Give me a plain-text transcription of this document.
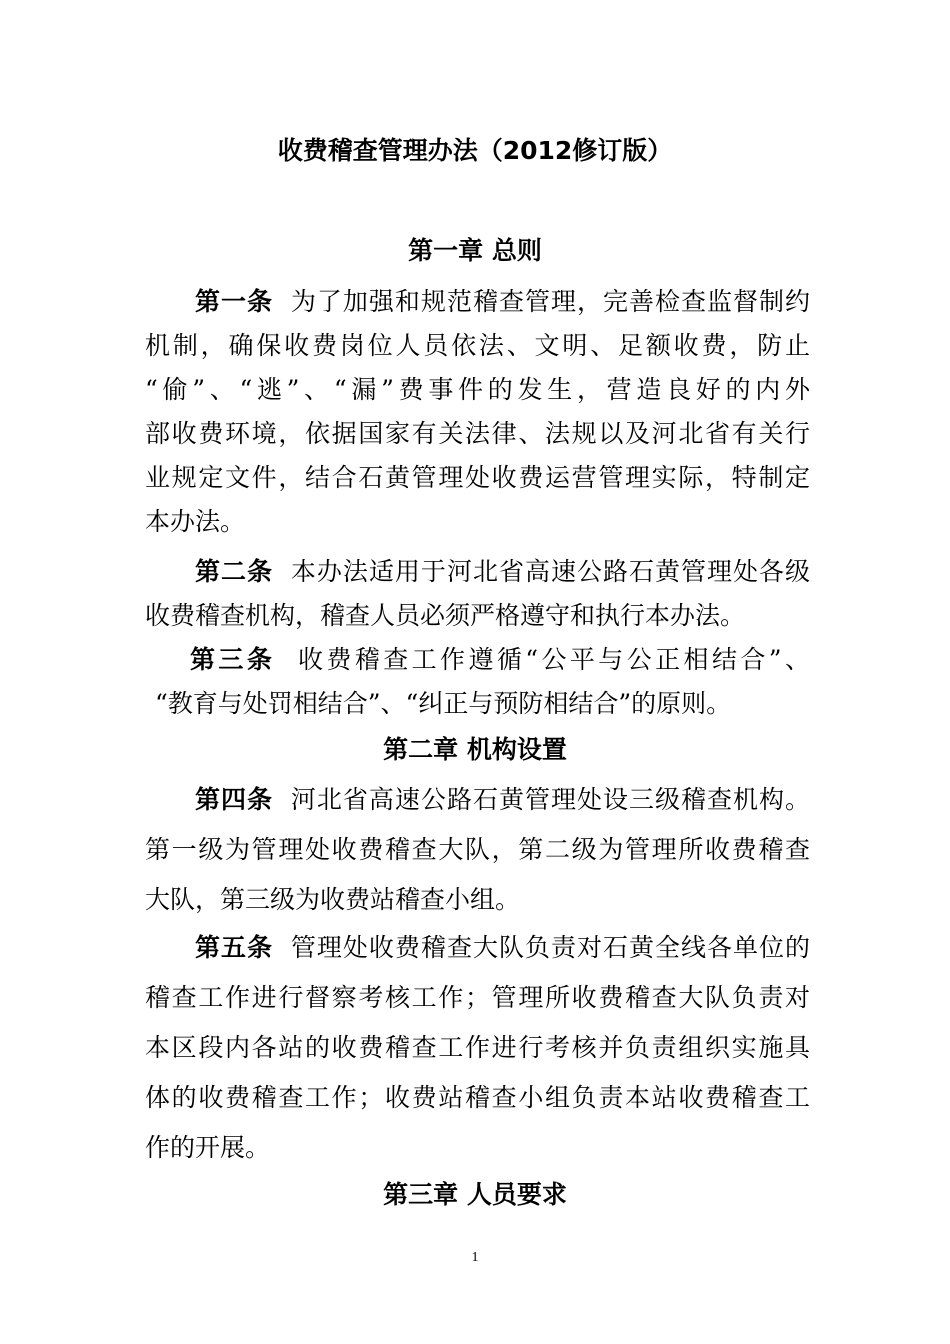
收费稽查管理办法（2012修订版）
第一章 总则
第一条 为了加强和规范稽查管理，完善检查监督制约
机制，确保收费岗位人员依法、文明、足额收费，防止
“偷”、“逃”、“漏”费事件的发生，营造良好的内外
部收费环境，依据国家有关法律、法规以及河北省有关行
业规定文件，结合石黄管理处收费运营管理实际，特制定
本办法。
第二条 本办法适用于河北省高速公路石黄管理处各级
收费稽查机构，稽查人员必须严格遵守和执行本办法。
第三条 收费稽查工作遵循“公平与公正相结合”、
“教育与处罚相结合”、“纠正与预防相结合”的原则。
第二章 机构设置
第四条 河北省高速公路石黄管理处设三级稽查机构。
第一级为管理处收费稽查大队，第二级为管理所收费稽查
大队，第三级为收费站稽查小组。
第五条 管理处收费稽查大队负责对石黄全线各单位的
稽查工作进行督察考核工作；管理所收费稽查大队负责对
本区段内各站的收费稽查工作进行考核并负责组织实施具
体的收费稽查工作；收费站稽查小组负责本站收费稽查工
作的开展。
第三章 人员要求
1
